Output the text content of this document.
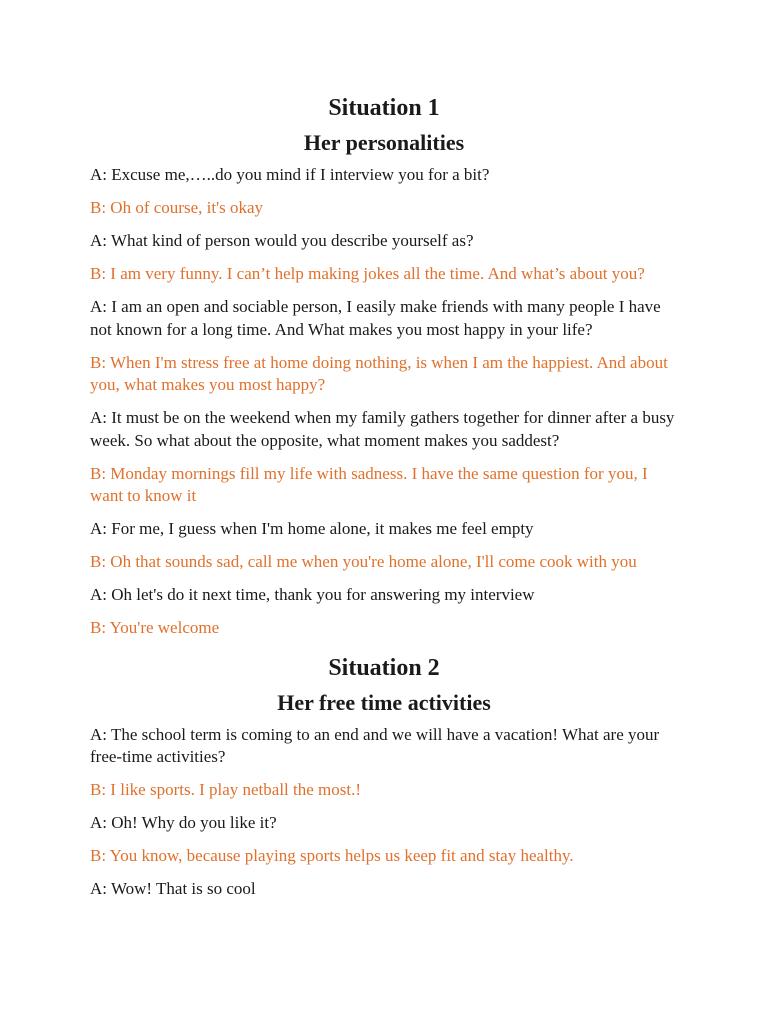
Situation 1
Her personalities

A: Excuse me,…..do you mind if I interview you for a bit?

B: Oh of course, it's okay

A: What kind of person would you describe yourself as?

B: I am very funny. I can’t help making jokes all the time. And what’s about you?

A: I am an open and sociable person, I easily make friends with many people I have not known for a long time. And What makes you most happy in your life?

B: When I'm stress free at home doing nothing, is when I am the happiest. And about you, what makes you most happy?

A: It must be on the weekend when my family gathers together for dinner after a busy week. So what about the opposite, what moment makes you saddest?

B: Monday mornings fill my life with sadness. I have the same question for you, I want to know it

A: For me, I guess when I'm home alone, it makes me feel empty

B: Oh that sounds sad, call me when you're home alone, I'll come cook with you

A: Oh let's do it next time, thank you for answering my interview

B: You're welcome

Situation 2
Her free time activities

A: The school term is coming to an end and we will have a vacation! What are your free-time activities?

B: I like sports. I play netball the most.!

A: Oh! Why do you like it?

B: You know, because playing sports helps us keep fit and stay healthy.

A: Wow! That is so cool
